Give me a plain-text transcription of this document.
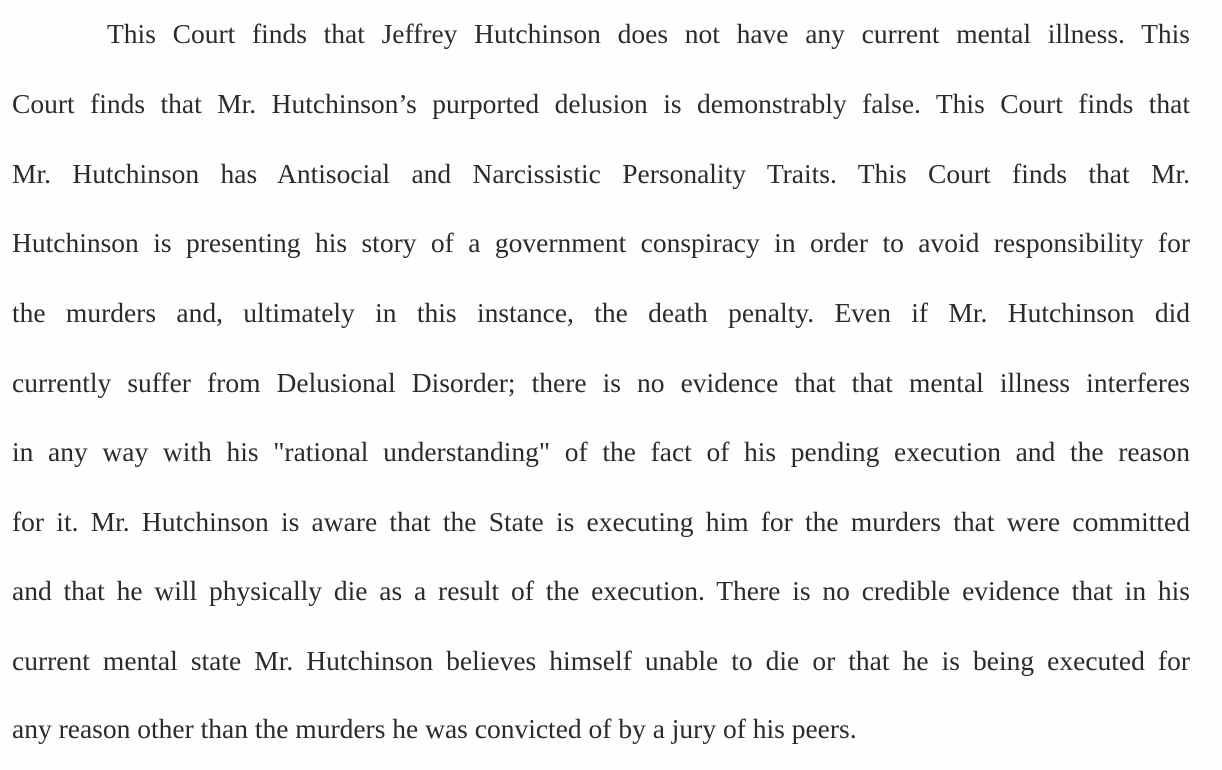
This Court finds that Jeffrey Hutchinson does not have any current mental illness. This

Court finds that Mr. Hutchinson’s purported delusion is demonstrably false. This Court finds that

Mr. Hutchinson has Antisocial and Narcissistic Personality Traits. This Court finds that Mr.

Hutchinson is presenting his story of a government conspiracy in order to avoid responsibility for

the murders and, ultimately in this instance, the death penalty. Even if Mr. Hutchinson did

currently suffer from Delusional Disorder; there is no evidence that that mental illness interferes

in any way with his "rational understanding" of the fact of his pending execution and the reason

for it. Mr. Hutchinson is aware that the State is executing him for the murders that were committed

and that he will physically die as a result of the execution. There is no credible evidence that in his

current mental state Mr. Hutchinson believes himself unable to die or that he is being executed for

any reason other than the murders he was convicted of by a jury of his peers.
